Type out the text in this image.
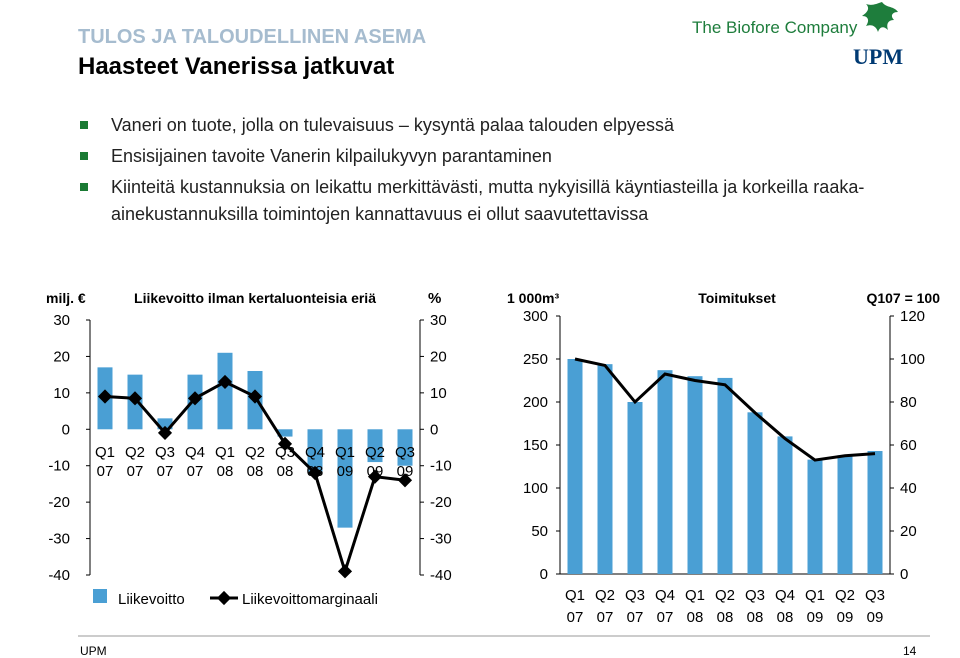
TULOS JA TALOUDELLINEN ASEMA
Haasteet Vanerissa jatkuvat
The Biofore Company
UPM
Vaneri on tuote, jolla on tulevaisuus – kysyntä palaa talouden elpyessä
Ensisijainen tavoite Vanerin kilpailukyvyn parantaminen
Kiinteitä kustannuksia on leikattu merkittävästi, mutta nykyisillä käyntiasteilla ja korkeilla raaka-ainekustannuksilla toimintojen kannattavuus ei ollut saavutettavissa
30	30
20	20
10	10
0	0
-10	-10
-20	-20
-30	-30
-40	-40
milj. €	Liikevoitto ilman kertaluonteisia eriä	%
Q1
07
Q2
07
Q3
07
Q4
07
Q1
08
Q2
08
Q3
08
Q4
08
Q1
09
Q2
09
Q3
09
Liikevoitto	Liikevoittomarginaali
300
250
200
150
100
50
0
120
100
80
60
40
20
0
1 000m³	Toimitukset	Q107 = 100
Q1
07
Q2
07
Q3
07
Q4
07
Q1
08
Q2
08
Q3
08
Q4
08
Q1
09
Q2
09
Q3
09
UPM	14
